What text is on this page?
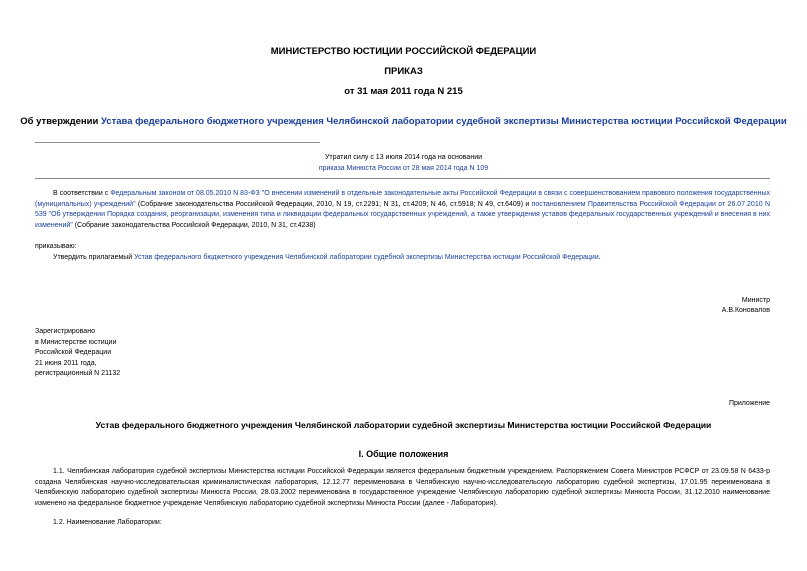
МИНИСТЕРСТВО ЮСТИЦИИ РОССИЙСКОЙ ФЕДЕРАЦИИ
ПРИКАЗ
от 31 мая 2011 года N 215
Об утверждении Устава федерального бюджетного учреждения Челябинской лаборатории судебной экспертизы Министерства юстиции Российской Федерации
Утратил силу с 13 июля 2014 года на основании
приказа Минюста России от 28 мая 2014 года N 109
В соответствии с Федеральным законом от 08.05.2010 N 83-ФЗ "О внесении изменений в отдельные законодательные акты Российской Федерации в связи с совершенствованием правового положения государственных (муниципальных) учреждений" (Собрание законодательства Российской Федерации, 2010, N 19, ст.2291; N 31, ст.4209; N 46, ст.5918; N 49, ст.6409) и постановлением Правительства Российской Федерации от 26.07.2010 N 539 "Об утверждении Порядка создания, реорганизации, изменения типа и ликвидации федеральных государственных учреждений, а также утверждения уставов федеральных государственных учреждений и внесения в них изменений" (Собрание законодательства Российской Федерации, 2010, N 31, ст.4238)
приказываю:
Утвердить прилагаемый Устав федерального бюджетного учреждения Челябинской лаборатории судебной экспертизы Министерства юстиции Российской Федерации.
Министр
А.В.Коновалов
Зарегистрировано
в Министерстве юстиции
Российской Федерации
21 июня 2011 года,
регистрационный N 21132
Приложение
Устав федерального бюджетного учреждения Челябинской лаборатории судебной экспертизы Министерства юстиции Российской Федерации
I. Общие положения
1.1. Челябинская лаборатория судебной экспертизы Министерства юстиции Российской Федерации является федеральным бюджетным учреждением. Распоряжением Совета Министров РСФСР от 23.09.58 N 6433-р создана Челябинская научно-исследовательская криминалистическая лаборатория, 12.12.77 переименована в Челябинскую научно-исследовательскую лабораторию судебной экспертизы, 17.01.95 переименована в Челябинскую лабораторию судебной экспертизы Минюста России, 28.03.2002 переименована в государственное учреждение Челябинскую лабораторию судебной экспертизы Минюста России, 31.12.2010 наименование изменено на федеральное бюджетное учреждение Челябинскую лабораторию судебной экспертизы Минюста России (далее - Лаборатория).
1.2. Наименование Лаборатории:
